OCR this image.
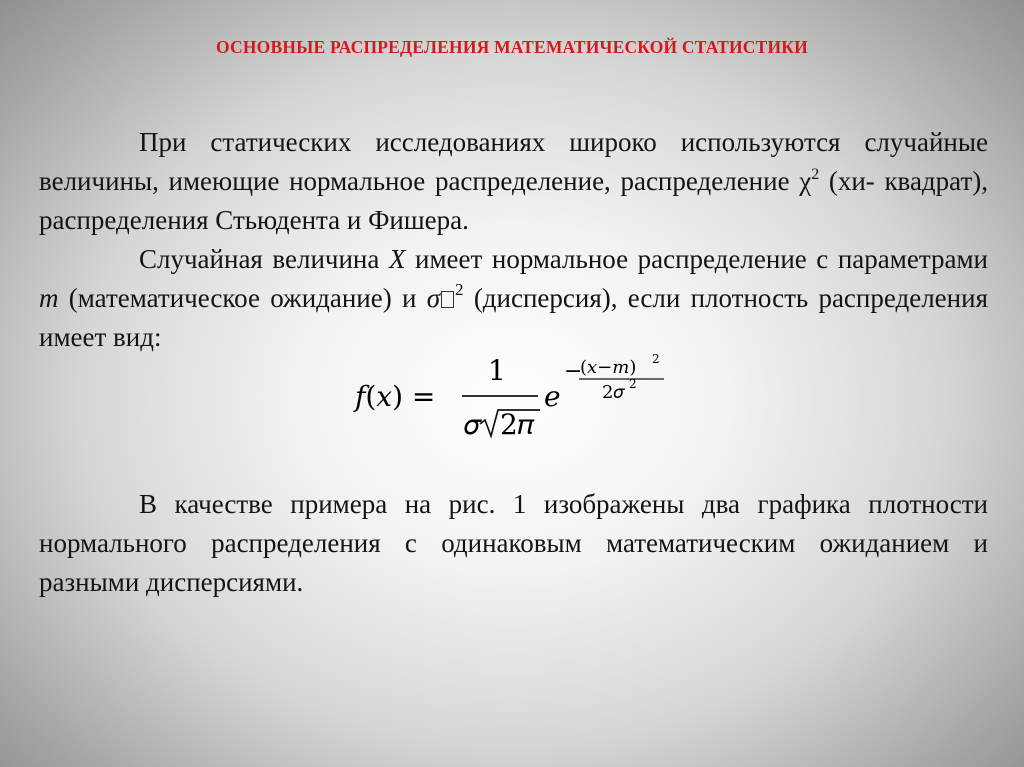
ОСНОВНЫЕ РАСПРЕДЕЛЕНИЯ МАТЕМАТИЧЕСКОЙ СТАТИСТИКИ

При статических исследованиях широко используются случайные величины, имеющие нормальное распределение, распределение $\chi^2$ (хи- квадрат), распределения Стьюдента и Фишера.

Случайная величина X имеет нормальное распределение с параметрами m (математическое ожидание) и σ $^2$ (дисперсия), если плотность распределения имеет вид:

𝑓(𝑥) =
1
𝜎 2𝜋
𝑒
−
(𝑥−𝑚) 2
2𝜎 2

В качестве примера на рис. 1 изображены два графика плотности нормального распределения с одинаковым математическим ожиданием и разными дисперсиями.
